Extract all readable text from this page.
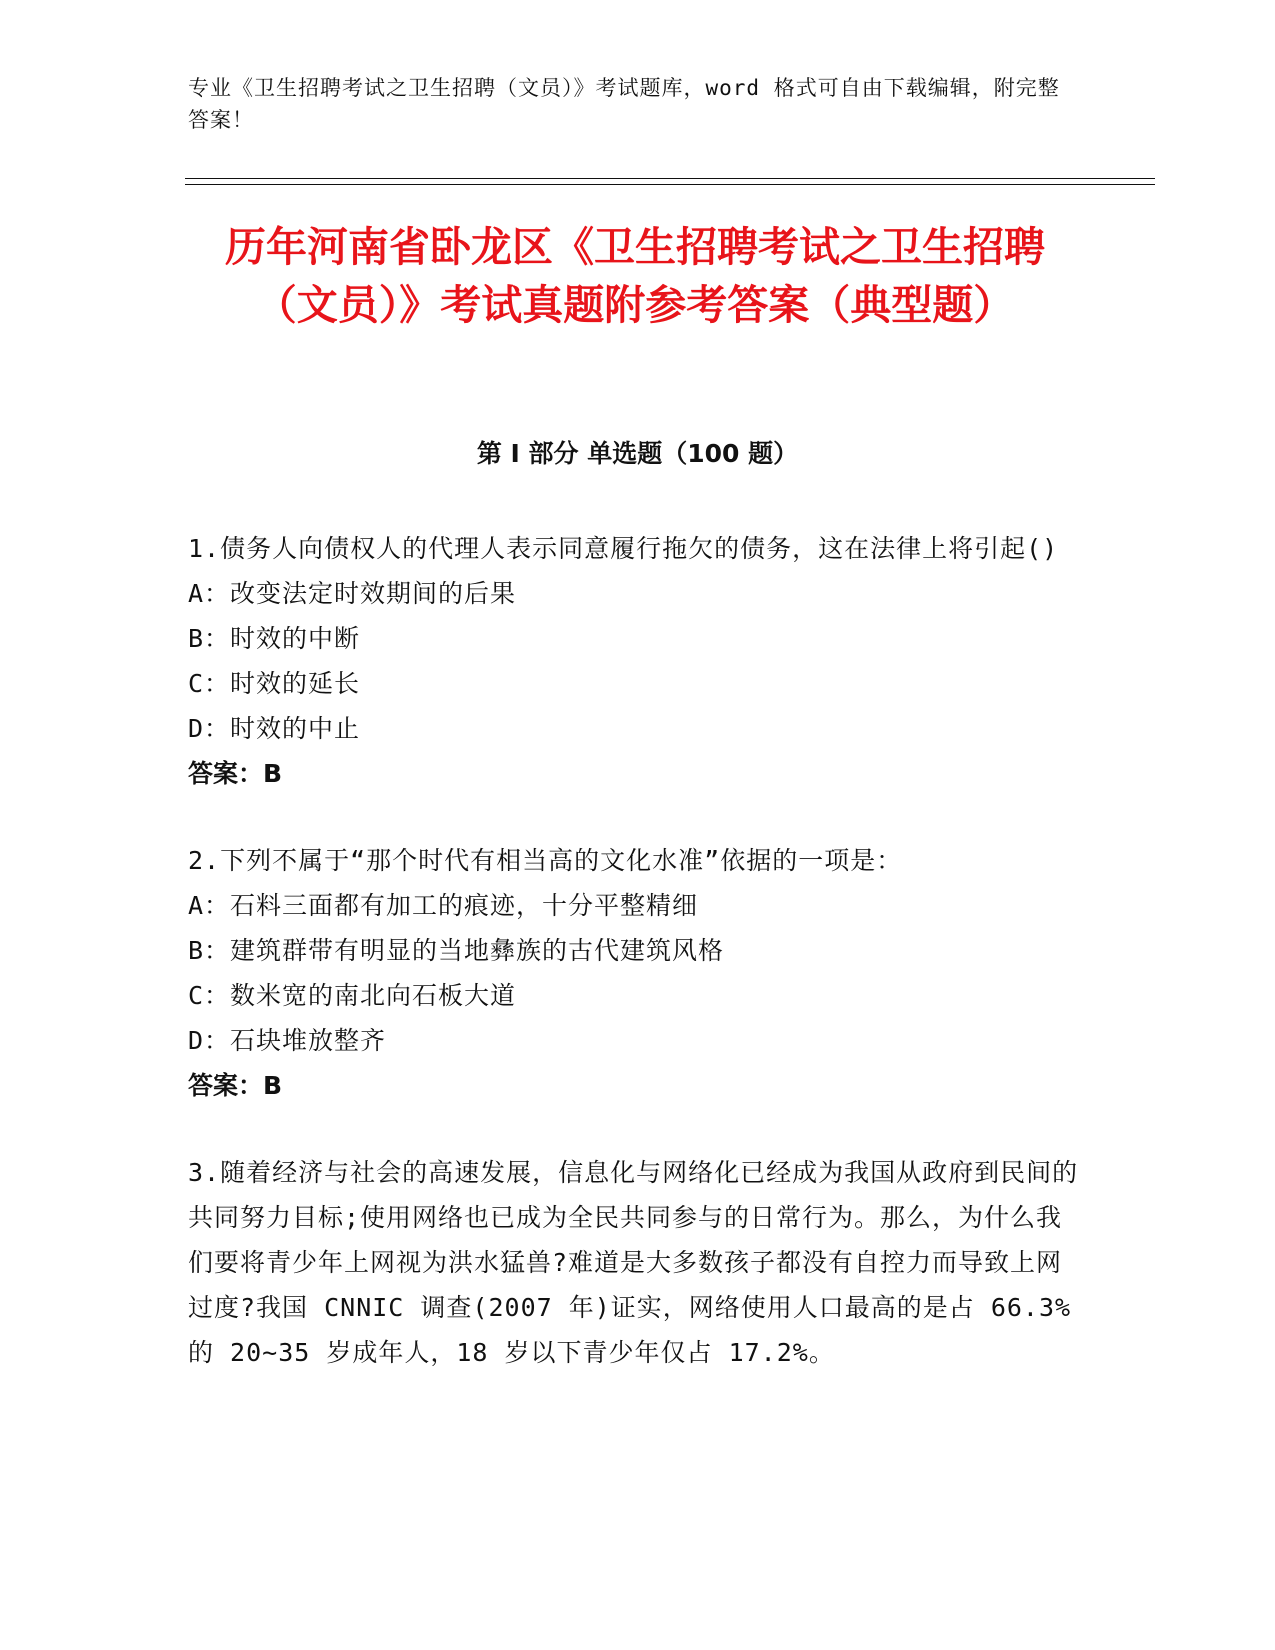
专业《卫生招聘考试之卫生招聘（文员）》考试题库，word 格式可自由下载编辑，附完整答案！
历年河南省卧龙区《卫生招聘考试之卫生招聘（文员）》考试真题附参考答案（典型题）
第 I 部分 单选题（100 题）
1.债务人向债权人的代理人表示同意履行拖欠的债务，这在法律上将引起()
A：改变法定时效期间的后果
B：时效的中断
C：时效的延长
D：时效的中止
答案：B
2.下列不属于“那个时代有相当高的文化水准”依据的一项是：
A：石料三面都有加工的痕迹，十分平整精细
B：建筑群带有明显的当地彝族的古代建筑风格
C：数米宽的南北向石板大道
D：石块堆放整齐
答案：B
3.随着经济与社会的高速发展，信息化与网络化已经成为我国从政府到民间的共同努力目标;使用网络也已成为全民共同参与的日常行为。那么，为什么我们要将青少年上网视为洪水猛兽?难道是大多数孩子都没有自控力而导致上网过度?我国 CNNIC 调查(2007 年)证实，网络使用人口最高的是占 66.3%的 20~35 岁成年人，18 岁以下青少年仅占 17.2%。
